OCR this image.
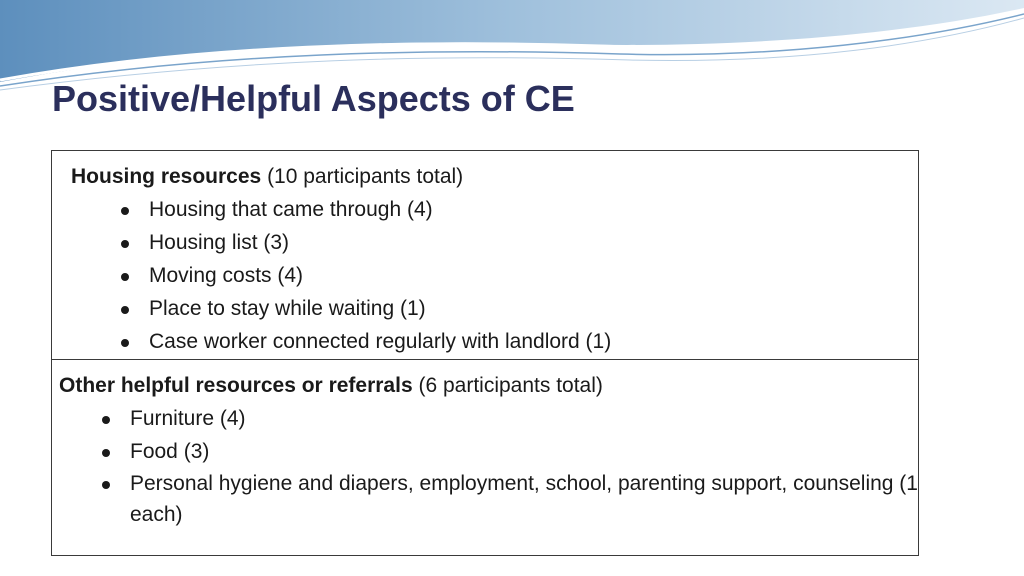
Positive/Helpful Aspects of CE
Housing resources (10 participants total)
Housing that came through (4)
Housing list (3)
Moving costs (4)
Place to stay while waiting (1)
Case worker connected regularly with landlord (1)
Other helpful resources or referrals (6 participants total)
Furniture (4)
Food (3)
Personal hygiene and diapers, employment, school, parenting support, counseling (1 each)
